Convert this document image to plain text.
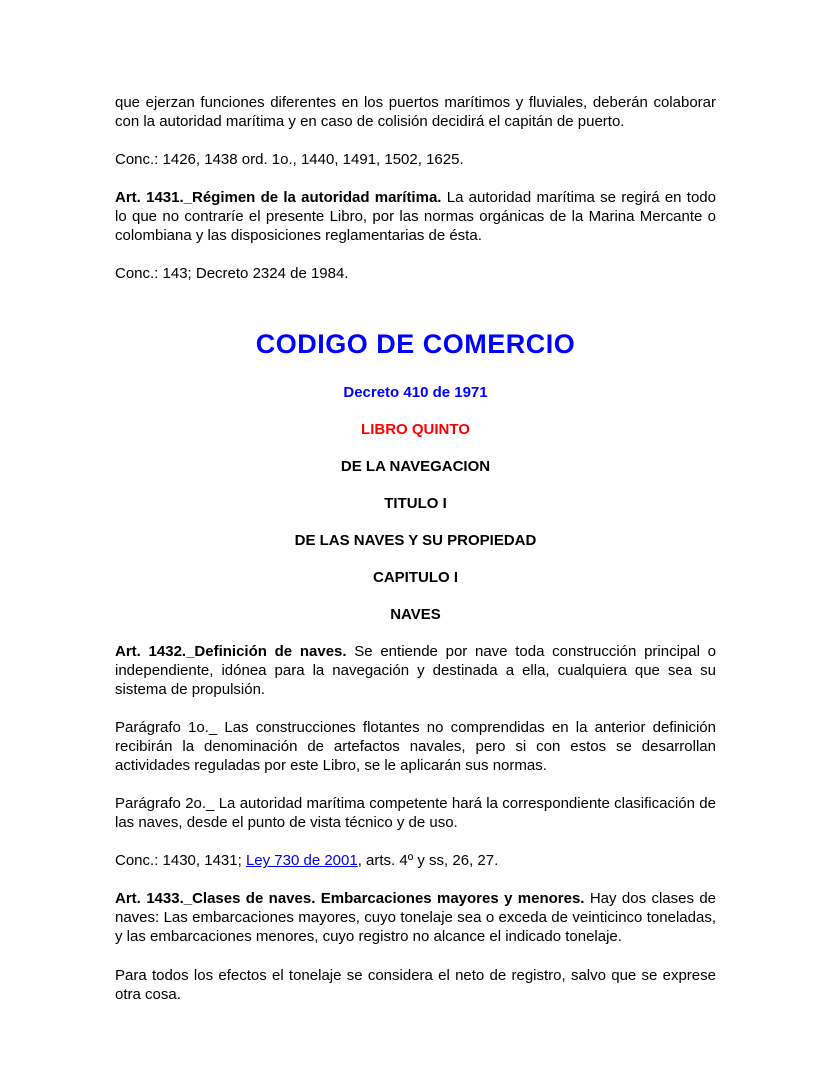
que ejerzan funciones diferentes en los puertos marítimos y fluviales, deberán colaborar con la autoridad marítima y en caso de colisión decidirá el capitán de puerto.

Conc.: 1426, 1438 ord. 1o., 1440, 1491, 1502, 1625.

Art. 1431._Régimen de la autoridad marítima. La autoridad marítima se regirá en todo lo que no contraríe el presente Libro, por las normas orgánicas de la Marina Mercante o colombiana y las disposiciones reglamentarias de ésta.

Conc.: 143; Decreto 2324 de 1984.

CODIGO DE COMERCIO

Decreto 410 de 1971

LIBRO QUINTO

DE LA NAVEGACION

TITULO I

DE LAS NAVES Y SU PROPIEDAD

CAPITULO I

NAVES

Art. 1432._Definición de naves. Se entiende por nave toda construcción principal o independiente, idónea para la navegación y destinada a ella, cualquiera que sea su sistema de propulsión.

Parágrafo 1o._ Las construcciones flotantes no comprendidas en la anterior definición recibirán la denominación de artefactos navales, pero si con estos se desarrollan actividades reguladas por este Libro, se le aplicarán sus normas.

Parágrafo 2o._ La autoridad marítima competente hará la correspondiente clasificación de las naves, desde el punto de vista técnico y de uso.

Conc.: 1430, 1431; Ley 730 de 2001, arts. 4º y ss, 26, 27.

Art. 1433._Clases de naves. Embarcaciones mayores y menores. Hay dos clases de naves: Las embarcaciones mayores, cuyo tonelaje sea o exceda de veinticinco toneladas, y las embarcaciones menores, cuyo registro no alcance el indicado tonelaje.

Para todos los efectos el tonelaje se considera el neto de registro, salvo que se exprese otra cosa.
